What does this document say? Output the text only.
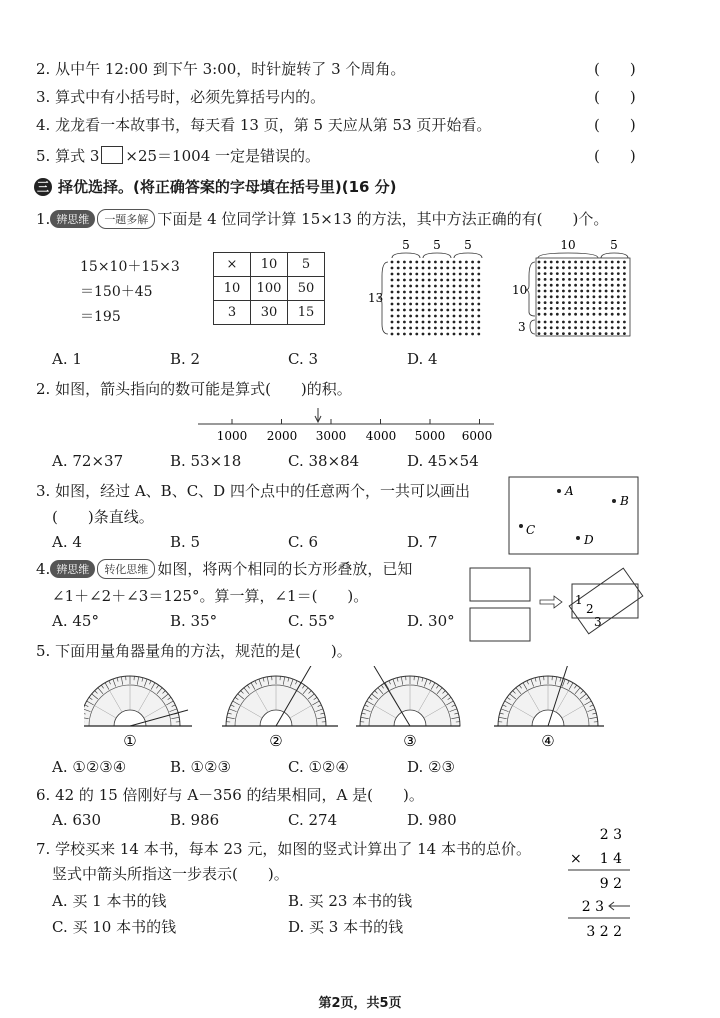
2. 从中午 12:00 到下午 3:00，时针旋转了 3 个周角。	(　　)
3. 算式中有小括号时，必须先算括号内的。	(　　)
4. 龙龙看一本故事书，每天看 13 页，第 5 天应从第 53 页开始看。	(　　)
5. 算式 3 ×25＝1004 一定是错误的。	(　　)
三 择优选择。(将正确答案的字母填在括号里)(16 分)
1. 辨思维 一题多解 下面是 4 位同学计算 15×13 的方法，其中方法正确的有(　　)个。
15×10＋15×3
＝150＋45
＝195
×	10	5
10	100	50
3	30	15
5 5 5
13
10	5
10
3
A. 1	B. 2	C. 3	D. 4
2. 如图，箭头指向的数可能是算式(　　)的积。
1000 2000 3000 4000 5000 6000
A. 72×37	B. 53×18	C. 38×84	D. 45×54
3. 如图，经过 A、B、C、D 四个点中的任意两个，一共可以画出
(　　)条直线。
A
B
C
D
A. 4	B. 5	C. 6	D. 7
4. 辨思维 转化思维 如图，将两个相同的长方形叠放，已知
∠1＋∠2＋∠3＝125°。算一算，∠1＝(　　)。
A. 45°	B. 35°	C. 55°	D. 30°
1
2
3
5. 下面用量角器量角的方法，规范的是(　　)。
①	②	③	④
A. ①②③④	B. ①②③	C. ①②④	D. ②③
6. 42 的 15 倍刚好与 A－356 的结果相同，A 是(　　)。
A. 630	B. 986	C. 274	D. 980
7. 学校买来 14 本书，每本 23 元，如图的竖式计算出了 14 本书的总价。
竖式中箭头所指这一步表示(　　)。
A. 买 1 本书的钱	B. 买 23 本书的钱
C. 买 10 本书的钱	D. 买 3 本书的钱
2 3
× 1 4
9 2
2 3
3 2 2
第2页，共5页
